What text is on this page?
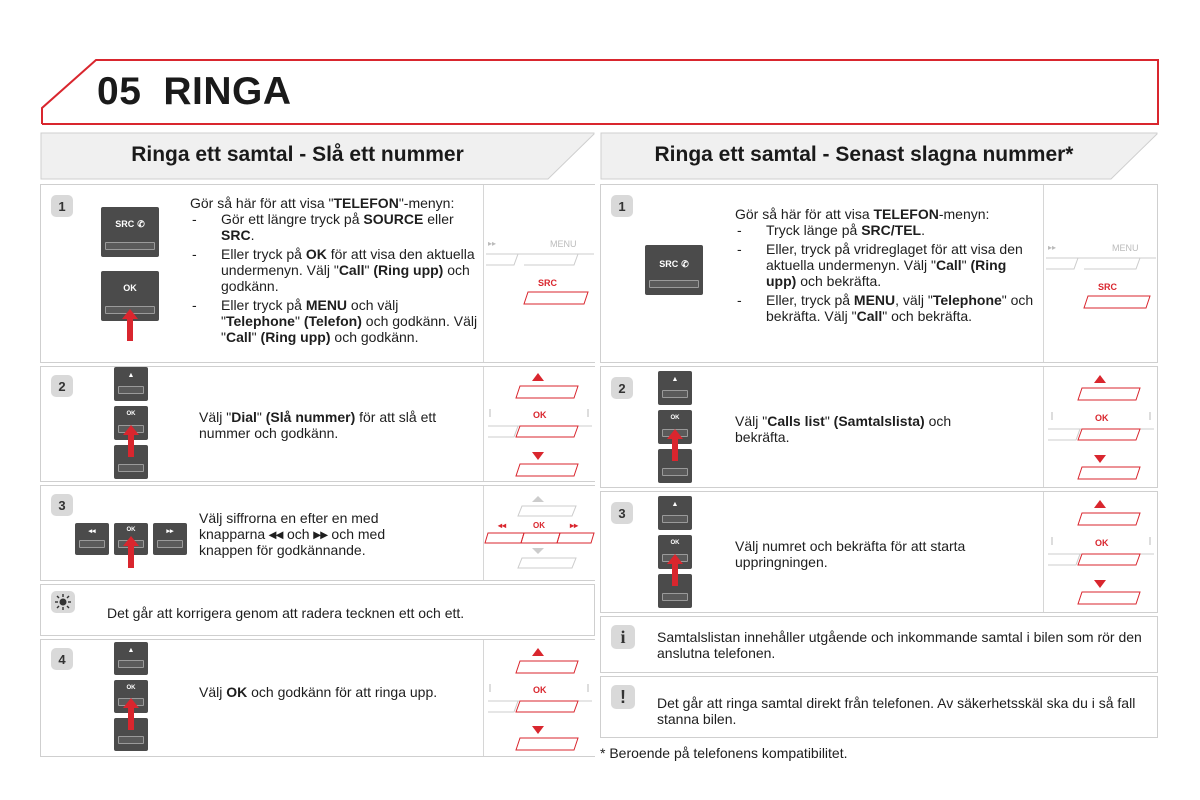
05 RINGA
Ringa ett samtal - Slå ett nummer
1
SRC ✆
OK
Gör så här för att visa "TELEFON"-menyn:
- Gör ett längre tryck på SOURCE eller SRC.
- Eller tryck på OK för att visa den aktuella undermenyn. Välj "Call" (Ring upp) och godkänn.
- Eller tryck på MENU och välj "Telephone" (Telefon) och godkänn. Välj "Call" (Ring upp) och godkänn.
▸▸	MENU
SRC
2
▲
OK	Välj "Dial" (Slå nummer) för att slå ett nummer och godkänn.
OK
3
◂◂	OK	▸▸
Välj siffrorna en efter en med knapparna ◂◂ och ▸▸ och med knappen för godkännande.
◂◂	OK	▸▸
Det går att korrigera genom att radera tecknen ett och ett.
4
▲
OK	Välj OK och godkänn för att ringa upp.	OK
Ringa ett samtal - Senast slagna nummer*
1
SRC ✆
Gör så här för att visa TELEFON-menyn:
- Tryck länge på SRC/TEL.
- Eller, tryck på vridreglaget för att visa den aktuella undermenyn. Välj "Call" (Ring upp) och bekräfta.
- Eller, tryck på MENU, välj "Telephone" och bekräfta. Välj "Call" och bekräfta.
▸▸	MENU
SRC
2
▲
OK	Välj "Calls list" (Samtalslista) och bekräfta.
OK
3
▲
OK	Välj numret och bekräfta för att starta uppringningen.
OK
i	Samtalslistan innehåller utgående och inkommande samtal i bilen som rör den anslutna telefonen.
!	Det går att ringa samtal direkt från telefonen. Av säkerhetsskäl ska du i så fall stanna bilen.
* Beroende på telefonens kompatibilitet.
